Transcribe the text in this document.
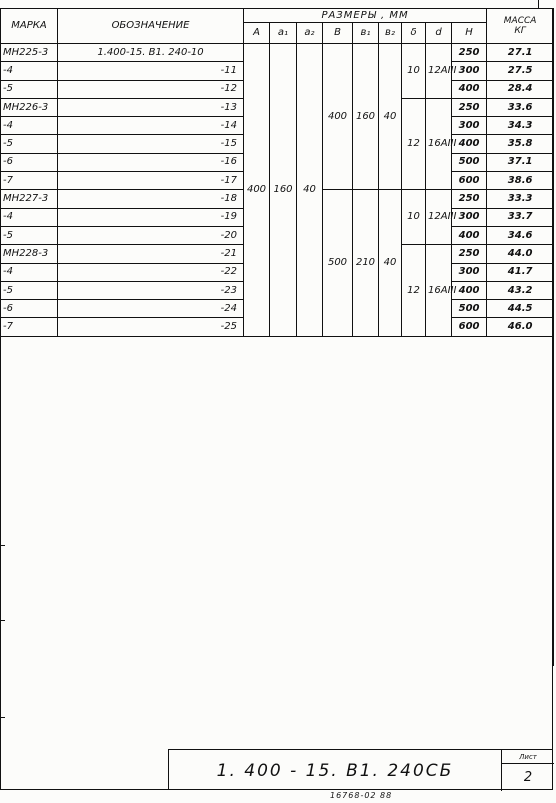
МАРКА	ОБОЗНАЧЕНИЕ	РАЗМЕРЫ , ММ									МАССА
КГ
		A	a₁	a₂	B	в₁	в₂	δ	d	H	
МН225-3	1.400-15. В1. 240-10	400	160	40	400	160	40	10	12AIII	250	27.1
-4	-11									300	27.5
-5	-12									400	28.4
МН226-3	-13							12	16AIII	250	33.6
-4	-14									300	34.3
-5	-15									400	35.8
-6	-16									500	37.1
-7	-17									600	38.6
МН227-3	-18				500	210	40	10	12AIII	250	33.3
-4	-19									300	33.7
-5	-20									400	34.6
МН228-3	-21							12	16AIII	250	44.0
-4	-22									300	41.7
-5	-23									400	43.2
-6	-24									500	44.5
-7	-25									600	46.0

1. 400 - 15. В1. 240СБ
Лист
2
16768-02 88
